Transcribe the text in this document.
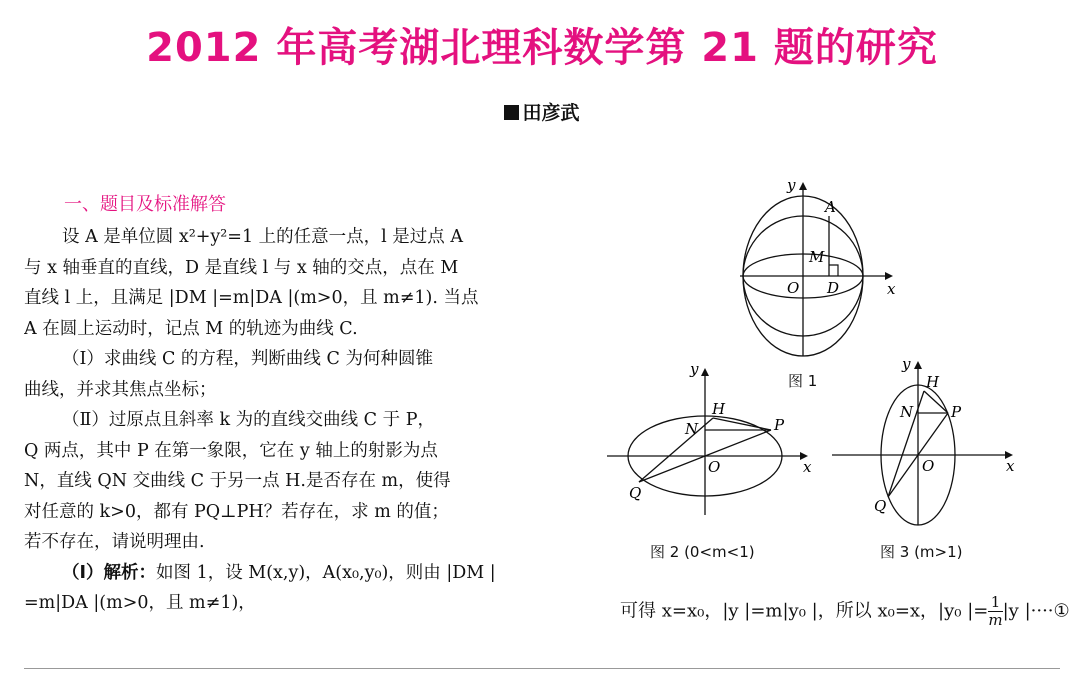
2012 年高考湖北理科数学第 21 题的研究
田彦武
一、题目及标准解答
设 A 是单位圆 x²+y²=1 上的任意一点，l 是过点 A
与 x 轴垂直的直线，D 是直线 l 与 x 轴的交点，点在 M
直线 l 上，且满足 |DM |=m|DA |(m>0，且 m≠1). 当点
A 在圆上运动时，记点 M 的轨迹为曲线 C.
（Ⅰ）求曲线 C 的方程，判断曲线 C 为何种圆锥
曲线，并求其焦点坐标；
（Ⅱ）过原点且斜率 k 为的直线交曲线 C 于 P，
Q 两点，其中 P 在第一象限，它在 y 轴上的射影为点
N，直线 QN 交曲线 C 于另一点 H.是否存在 m，使得
对任意的 k>0，都有 PQ⊥PH？若存在，求 m 的值；
若不存在，请说明理由.
（Ⅰ）解析：如图 1，设 M(x,y)，A(x₀,y₀)，则由 |DM |
=m|DA |(m>0，且 m≠1)，
y
x
O
A
M
D
图 1
y
x
O
N
H
P
Q
图 2 (0<m<1)
y
x
O
N
H
P
Q
图 3 (m>1)
可得 x=x₀，|y |=m|y₀ |，所以 x₀=x，|y₀ |= $\frac{1}{m} |y$ |····①
